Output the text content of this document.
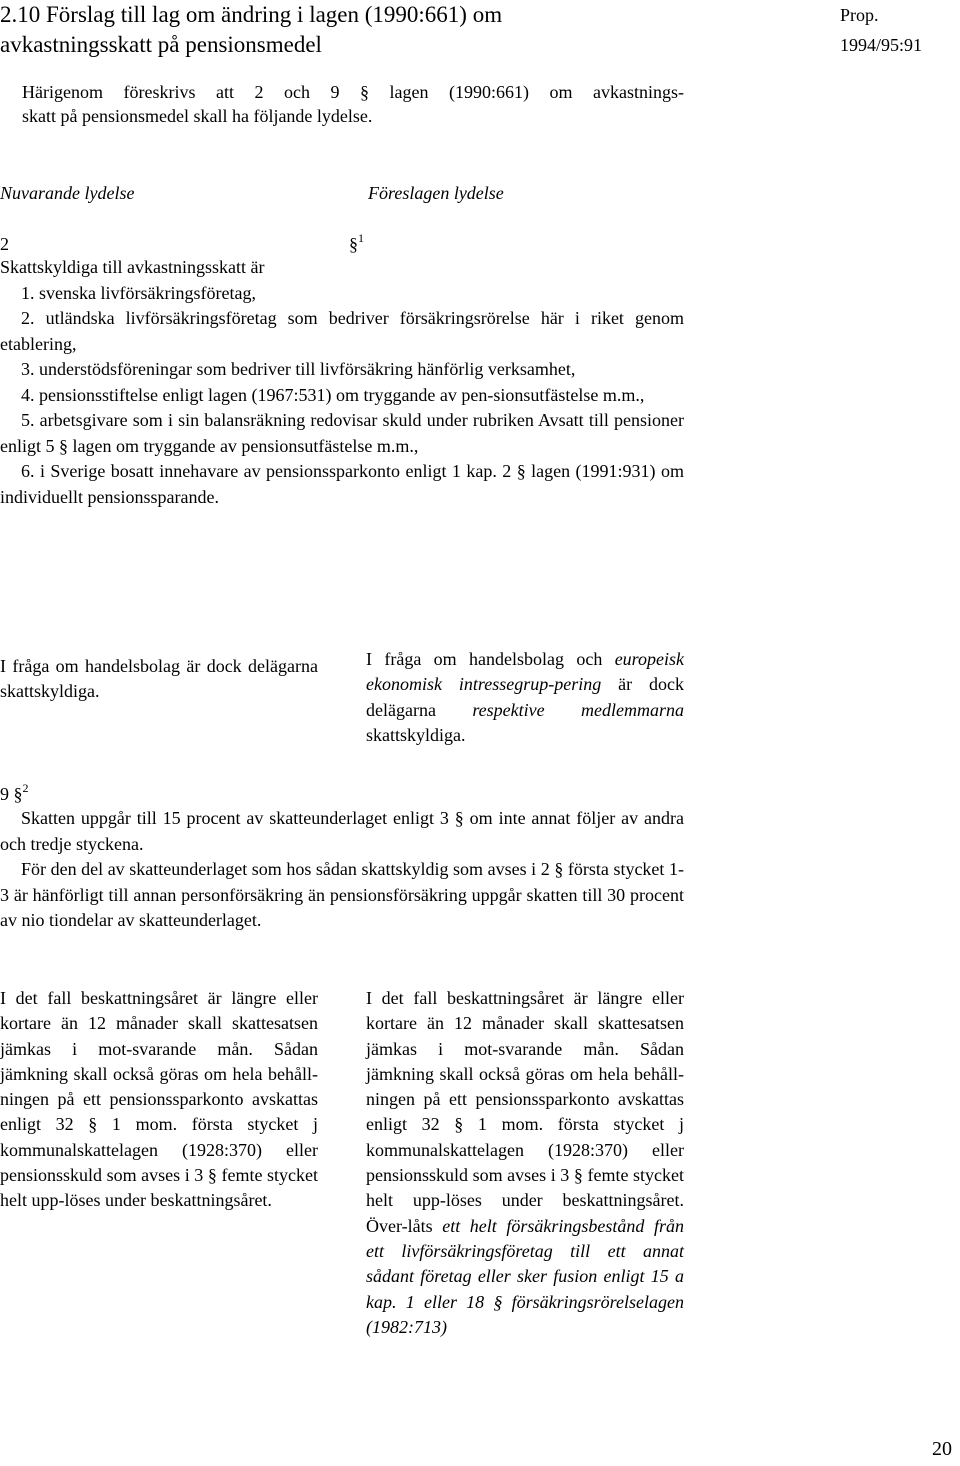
2.10 Förslag till lag om ändring i lagen (1990:661) om
avkastningsskatt på pensionsmedel
Prop. 1994/95:91
Härigenom föreskrivs att 2 och 9 § lagen (1990:661) om avkastnings-
skatt på pensionsmedel skall ha följande lydelse.
Nuvarande lydelse	Föreslagen lydelse
2	§$^1$

Skattskyldiga till avkastningsskatt är

1. svenska livförsäkringsföretag,

2. utländska livförsäkringsföretag som bedriver försäkringsrörelse här i riket genom etablering,

3. understödsföreningar som bedriver till livförsäkring hänförlig verksamhet,

4. pensionsstiftelse enligt lagen (1967:531) om tryggande av pen-sionsutfästelse m.m.,

5. arbetsgivare som i sin balansräkning redovisar skuld under rubriken Avsatt till pensioner enligt 5 § lagen om tryggande av pensionsutfästelse m.m.,

6. i Sverige bosatt innehavare av pensionssparkonto enligt 1 kap. 2 § lagen (1991:931) om individuellt pensionssparande.

I fråga om handelsbolag är dock delägarna skattskyldiga.
I fråga om handelsbolag och europeisk ekonomisk intressegrup-pering är dock delägarna respektive medlemmarna skattskyldiga.
9 §$^2$

Skatten uppgår till 15 procent av skatteunderlaget enligt 3 § om inte annat följer av andra och tredje styckena.

För den del av skatteunderlaget som hos sådan skattskyldig som avses i 2 § första stycket 1-3 är hänförligt till annan personförsäkring än pensionsförsäkring uppgår skatten till 30 procent av nio tiondelar av skatteunderlaget.

I det fall beskattningsåret är längre eller kortare än 12 månader skall skattesatsen jämkas i mot-svarande mån. Sådan jämkning skall också göras om hela behåll-ningen på ett pensionssparkonto avskattas enligt 32 § 1 mom. första stycket j kommunalskattelagen (1928:370) eller pensionsskuld som avses i 3 § femte stycket helt upp-löses under beskattningsåret.
I det fall beskattningsåret är längre eller kortare än 12 månader skall skattesatsen jämkas i mot-svarande mån. Sådan jämkning skall också göras om hela behåll-ningen på ett pensionssparkonto avskattas enligt 32 § 1 mom. första stycket j kommunalskattelagen (1928:370) eller pensionsskuld som avses i 3 § femte stycket helt upp-löses under beskattningsåret. Över-låts ett helt försäkringsbestånd från ett livförsäkringsföretag till ett annat sådant företag eller sker fusion enligt 15 a kap. 1 eller 18 § försäkringsrörelselagen (1982:713)
20
